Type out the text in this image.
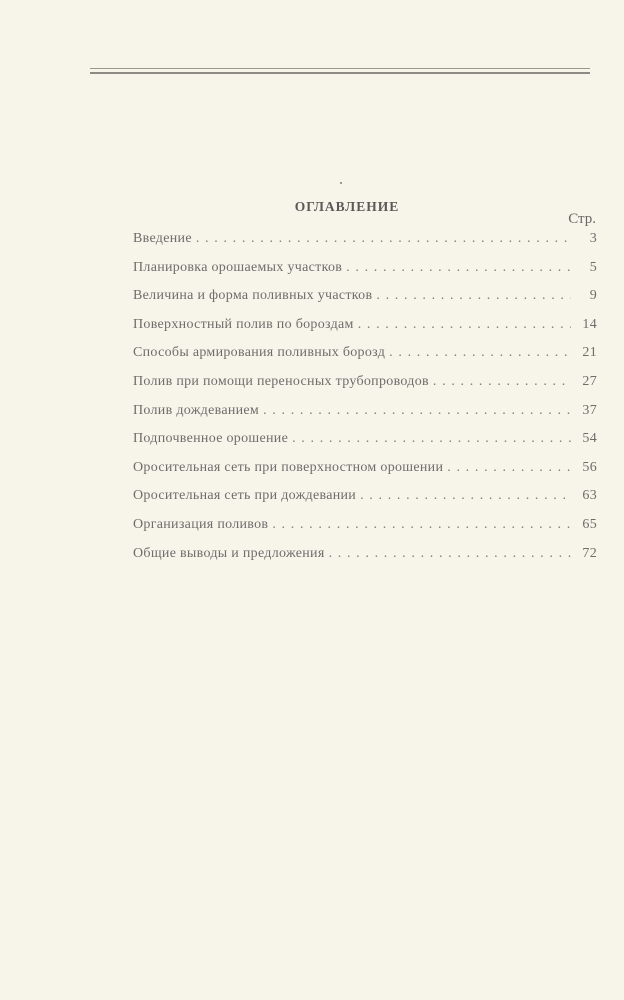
ОГЛАВЛЕНИЕ
Стр.
Введение . . .	3
Планировка орошаемых участков . . .	5
Величина и форма поливных участков . . .	9
Поверхностный полив по бороздам . . .	14
Способы армирования поливных борозд . . .	21
Полив при помощи переносных трубопроводов . . .	27
Полив дождеванием . . .	37
Подпочвенное орошение . . .	54
Оросительная сеть при поверхностном орошении . . .	56
Оросительная сеть при дождевании . . .	63
Организация поливов . . .	65
Общие выводы и предложения . . .	72
